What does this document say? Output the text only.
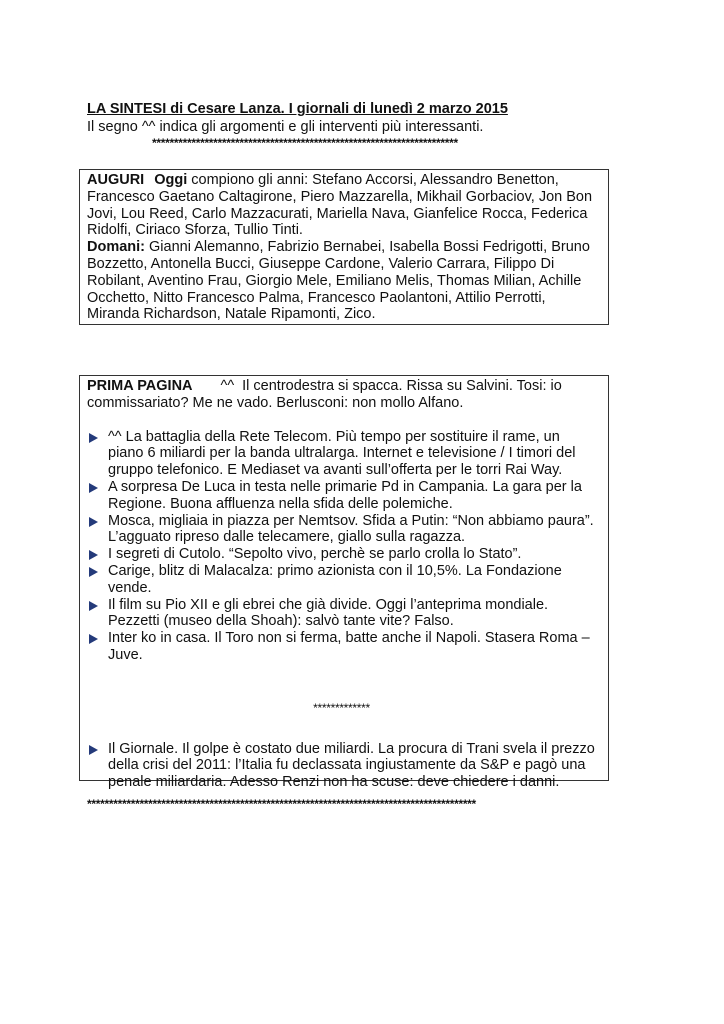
LA SINTESI di Cesare Lanza. I giornali di lunedì 2 marzo 2015
Il segno ^^ indica gli argomenti e gli interventi più interessanti.
**********************************************************************
AUGURI Oggi compiono gli anni: Stefano Accorsi, Alessandro Benetton, Francesco Gaetano Caltagirone, Piero Mazzarella, Mikhail Gorbaciov, Jon Bon Jovi, Lou Reed, Carlo Mazzacurati, Mariella Nava, Gianfelice Rocca, Federica Ridolfi, Ciriaco Sforza, Tullio Tinti.
Domani: Gianni Alemanno, Fabrizio Bernabei, Isabella Bossi Fedrigotti, Bruno Bozzetto, Antonella Bucci, Giuseppe Cardone, Valerio Carrara, Filippo Di Robilant, Aventino Frau, Giorgio Mele, Emiliano Melis, Thomas Milian, Achille Occhetto, Nitto Francesco Palma, Francesco Paolantoni, Attilio Perrotti, Miranda Richardson, Natale Ripamonti, Zico.
PRIMA PAGINA ^^ Il centrodestra si spacca. Rissa su Salvini. Tosi: io commissariato? Me ne vado. Berlusconi: non mollo Alfano.
^^ La battaglia della Rete Telecom. Più tempo per sostituire il rame, un piano 6 miliardi per la banda ultralarga. Internet e televisione / I timori del gruppo telefonico. E Mediaset va avanti sull’offerta per le torri Rai Way.
A sorpresa De Luca in testa nelle primarie Pd in Campania. La gara per la Regione. Buona affluenza nella sfida delle polemiche.
Mosca, migliaia in piazza per Nemtsov. Sfida a Putin: “Non abbiamo paura”. L’agguato ripreso dalle telecamere, giallo sulla ragazza.
I segreti di Cutolo. “Sepolto vivo, perchè se parlo crolla lo Stato”.
Carige, blitz di Malacalza: primo azionista con il 10,5%. La Fondazione vende.
Il film su Pio XII e gli ebrei che già divide. Oggi l’anteprima mondiale. Pezzetti (museo della Shoah): salvò tante vite? Falso.
Inter ko in casa. Il Toro non si ferma, batte anche il Napoli. Stasera Roma – Juve.
*************
Il Giornale. Il golpe è costato due miliardi. La procura di Trani svela il prezzo della crisi del 2011: l’Italia fu declassata ingiustamente da S&P e pagò una penale miliardaria. Adesso Renzi non ha scuse: deve chiedere i danni.
*****************************************************************************************
